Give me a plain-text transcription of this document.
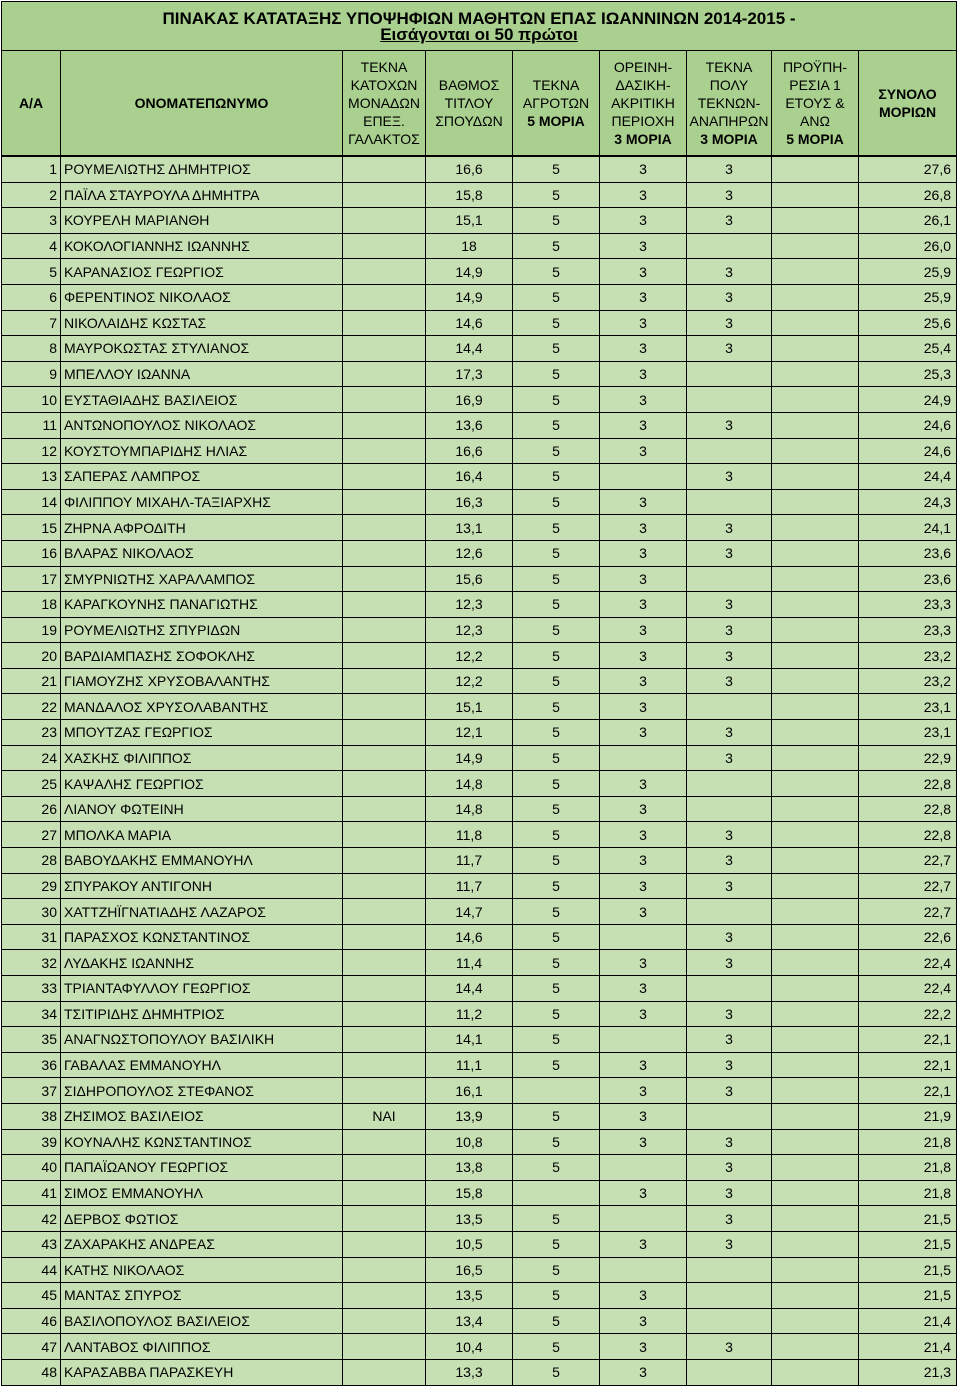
ΠΙΝΑΚΑΣ ΚΑΤΑΤΑΞΗΣ ΥΠΟΨΗΦΙΩΝ ΜΑΘΗΤΩΝ ΕΠΑΣ ΙΩΑΝΝΙΝΩΝ 2014-2015 -
Εισάγονται οι 50 πρώτοι								

Α/Α	ΟΝΟΜΑΤΕΠΩΝΥΜΟ	ΤΕΚΝΑ ΚΑΤΟΧΩΝ ΜΟΝΑΔΩΝ ΕΠΕΞ. ΓΑΛΑΚΤΟΣ	ΒΑΘΜΟΣ ΤΙΤΛΟΥ ΣΠΟΥΔΩΝ	ΤΕΚΝΑ ΑΓΡΟΤΩΝ
5 ΜΟΡΙΑ	ΟΡΕΙΝΗ-ΔΑΣΙΚΗ-ΑΚΡΙΤΙΚΗ ΠΕΡΙΟΧΗ
3 ΜΟΡΙΑ	ΤΕΚΝΑ ΠΟΛΥ ΤΕΚΝΩΝ-ΑΝΑΠΗΡΩΝ
3 ΜΟΡΙΑ	ΠΡΟΫΠΗ-ΡΕΣΙΑ 1 ΕΤΟΥΣ & ΑΝΩ
5 ΜΟΡΙΑ	ΣΥΝΟΛΟ ΜΟΡΙΩΝ
1	ΡΟΥΜΕΛΙΩΤΗΣ ΔΗΜΗΤΡΙΟΣ		16,6	5	3	3		27,6
2	ΠΑΪΛΑ ΣΤΑΥΡΟΥΛΑ ΔΗΜΗΤΡΑ		15,8	5	3	3		26,8
3	ΚΟΥΡΕΛΗ ΜΑΡΙΑΝΘΗ		15,1	5	3	3		26,1
4	ΚΟΚΟΛΟΓΙΑΝΝΗΣ ΙΩΑΝΝΗΣ		18	5	3			26,0
5	ΚΑΡΑΝΑΣΙΟΣ ΓΕΩΡΓΙΟΣ		14,9	5	3	3		25,9
6	ΦΕΡΕΝΤΙΝΟΣ ΝΙΚΟΛΑΟΣ		14,9	5	3	3		25,9
7	ΝΙΚΟΛΑΙΔΗΣ ΚΩΣΤΑΣ		14,6	5	3	3		25,6
8	ΜΑΥΡΟΚΩΣΤΑΣ ΣΤΥΛΙΑΝΟΣ		14,4	5	3	3		25,4
9	ΜΠΕΛΛΟΥ ΙΩΑΝΝΑ		17,3	5	3			25,3
10	ΕΥΣΤΑΘΙΑΔΗΣ ΒΑΣΙΛΕΙΟΣ		16,9	5	3			24,9
11	ΑΝΤΩΝΟΠΟΥΛΟΣ ΝΙΚΟΛΑΟΣ		13,6	5	3	3		24,6
12	ΚΟΥΣΤΟΥΜΠΑΡΙΔΗΣ ΗΛΙΑΣ		16,6	5	3			24,6
13	ΣΑΠΕΡΑΣ ΛΑΜΠΡΟΣ		16,4	5		3		24,4
14	ΦΙΛΙΠΠΟΥ ΜΙΧΑΗΛ-ΤΑΞΙΑΡΧΗΣ		16,3	5	3			24,3
15	ΖΗΡΝΑ ΑΦΡΟΔΙΤΗ		13,1	5	3	3		24,1
16	ΒΛΑΡΑΣ ΝΙΚΟΛΑΟΣ		12,6	5	3	3		23,6
17	ΣΜΥΡΝΙΩΤΗΣ ΧΑΡΑΛΑΜΠΟΣ		15,6	5	3			23,6
18	ΚΑΡΑΓΚΟΥΝΗΣ ΠΑΝΑΓΙΩΤΗΣ		12,3	5	3	3		23,3
19	ΡΟΥΜΕΛΙΩΤΗΣ ΣΠΥΡΙΔΩΝ		12,3	5	3	3		23,3
20	ΒΑΡΔΙΑΜΠΑΣΗΣ ΣΟΦΟΚΛΗΣ		12,2	5	3	3		23,2
21	ΓΙΑΜΟΥΖΗΣ ΧΡΥΣΟΒΑΛΑΝΤΗΣ		12,2	5	3	3		23,2
22	ΜΑΝΔΑΛΟΣ ΧΡΥΣΟΛΑΒΑΝΤΗΣ		15,1	5	3			23,1
23	ΜΠΟΥΤΖΑΣ ΓΕΩΡΓΙΟΣ		12,1	5	3	3		23,1
24	ΧΑΣΚΗΣ ΦΙΛΙΠΠΟΣ		14,9	5		3		22,9
25	ΚΑΨΑΛΗΣ ΓΕΩΡΓΙΟΣ		14,8	5	3			22,8
26	ΛΙΑΝΟΥ ΦΩΤΕΙΝΗ		14,8	5	3			22,8
27	ΜΠΟΛΚΑ ΜΑΡΙΑ		11,8	5	3	3		22,8
28	ΒΑΒΟΥΔΑΚΗΣ ΕΜΜΑΝΟΥΗΛ		11,7	5	3	3		22,7
29	ΣΠΥΡΑΚΟΥ ΑΝΤΙΓΟΝΗ		11,7	5	3	3		22,7
30	ΧΑΤΤΖΗΪΓΝΑΤΙΑΔΗΣ ΛΑΖΑΡΟΣ		14,7	5	3			22,7
31	ΠΑΡΑΣΧΟΣ ΚΩΝΣΤΑΝΤΙΝΟΣ		14,6	5		3		22,6
32	ΛΥΔΑΚΗΣ ΙΩΑΝΝΗΣ		11,4	5	3	3		22,4
33	ΤΡΙΑΝΤΑΦΥΛΛΟΥ ΓΕΩΡΓΙΟΣ		14,4	5	3			22,4
34	ΤΣΙΤΙΡΙΔΗΣ ΔΗΜΗΤΡΙΟΣ		11,2	5	3	3		22,2
35	ΑΝΑΓΝΩΣΤΟΠΟΥΛΟΥ ΒΑΣΙΛΙΚΗ		14,1	5		3		22,1
36	ΓΑΒΑΛΑΣ ΕΜΜΑΝΟΥΗΛ		11,1	5	3	3		22,1
37	ΣΙΔΗΡΟΠΟΥΛΟΣ ΣΤΕΦΑΝΟΣ		16,1		3	3		22,1
38	ΖΗΣΙΜΟΣ ΒΑΣΙΛΕΙΟΣ	ΝΑΙ	13,9	5	3			21,9
39	ΚΟΥΝΑΛΗΣ ΚΩΝΣΤΑΝΤΙΝΟΣ		10,8	5	3	3		21,8
40	ΠΑΠΑΪΩΑΝΟΥ ΓΕΩΡΓΙΟΣ		13,8	5		3		21,8
41	ΣΙΜΟΣ ΕΜΜΑΝΟΥΗΛ		15,8		3	3		21,8
42	ΔΕΡΒΟΣ ΦΩΤΙΟΣ		13,5	5		3		21,5
43	ΖΑΧΑΡΑΚΗΣ ΑΝΔΡΕΑΣ		10,5	5	3	3		21,5
44	ΚΑΤΗΣ ΝΙΚΟΛΑΟΣ		16,5	5				21,5
45	ΜΑΝΤΑΣ ΣΠΥΡΟΣ		13,5	5	3			21,5
46	ΒΑΣΙΛΟΠΟΥΛΟΣ ΒΑΣΙΛΕΙΟΣ		13,4	5	3			21,4
47	ΛΑΝΤΑΒΟΣ ΦΙΛΙΠΠΟΣ		10,4	5	3	3		21,4
48	ΚΑΡΑΣΑΒΒΑ ΠΑΡΑΣΚΕΥΗ		13,3	5	3			21,3
